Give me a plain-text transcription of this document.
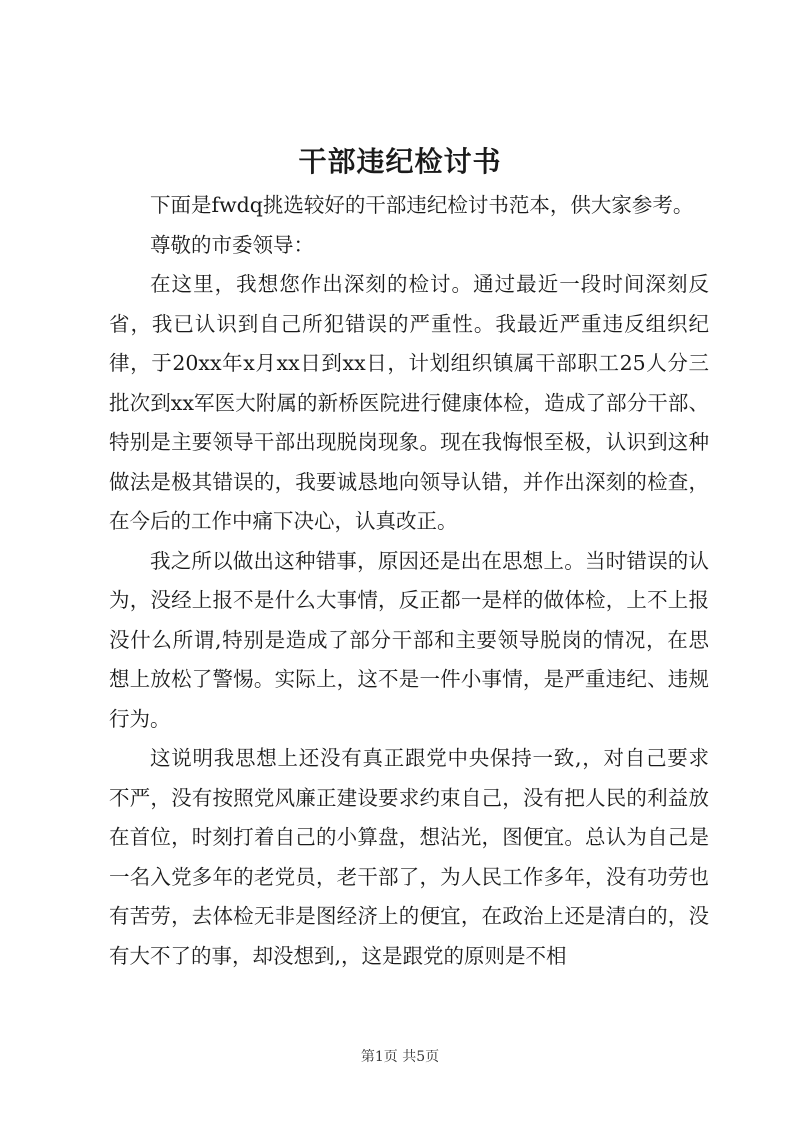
干部违纪检讨书

下面是fwdq挑选较好的干部违纪检讨书范本，供大家参考。

尊敬的市委领导：

在这里，我想您作出深刻的检讨。通过最近一段时间深刻反省，我已认识到自己所犯错误的严重性。我最近严重违反组织纪律，于20xx年x月xx日到xx日，计划组织镇属干部职工25人分三批次到xx军医大附属的新桥医院进行健康体检，造成了部分干部、特别是主要领导干部出现脱岗现象。现在我悔恨至极，认识到这种做法是极其错误的，我要诚恳地向领导认错，并作出深刻的检查，在今后的工作中痛下决心，认真改正。

我之所以做出这种错事，原因还是出在思想上。当时错误的认为，没经上报不是什么大事情，反正都一是样的做体检，上不上报没什么所谓,特别是造成了部分干部和主要领导脱岗的情况，在思想上放松了警惕。实际上，这不是一件小事情，是严重违纪、违规行为。

这说明我思想上还没有真正跟党中央保持一致,，对自己要求不严，没有按照党风廉正建设要求约束自己，没有把人民的利益放在首位，时刻打着自己的小算盘，想沾光，图便宜。总认为自己是一名入党多年的老党员，老干部了，为人民工作多年，没有功劳也有苦劳，去体检无非是图经济上的便宜，在政治上还是清白的，没有大不了的事，却没想到,，这是跟党的原则是不相

第1页 共5页
